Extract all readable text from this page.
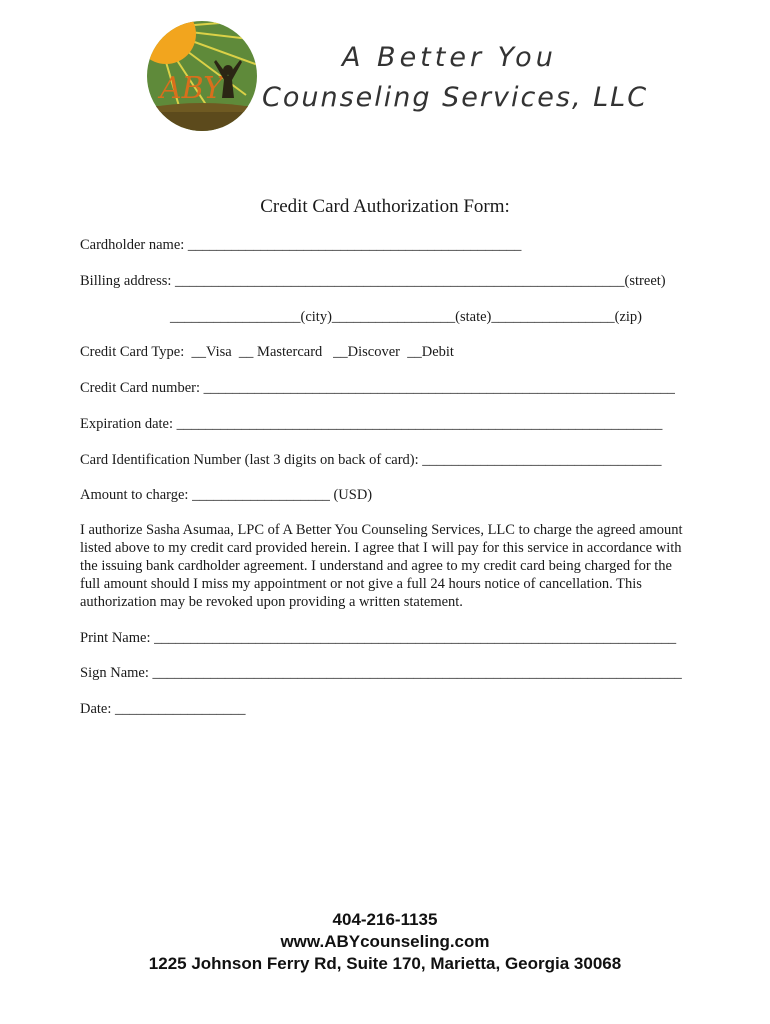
ABY
A Better You
Counseling Services, LLC
Credit Card Authorization Form:
Cardholder name: ______________________________________________
Billing address: ______________________________________________________________(street)
__________________(city)_________________(state)_________________(zip)
Credit Card Type:  __Visa  __ Mastercard   __Discover  __Debit
Credit Card number: _________________________________________________________________
Expiration date: ___________________________________________________________________
Card Identification Number (last 3 digits on back of card): _________________________________
Amount to charge: ___________________ (USD)
I authorize Sasha Asumaa, LPC of A Better You Counseling Services, LLC to charge the agreed amount listed above to my credit card provided herein. I agree that I will pay for this service in accordance with the issuing bank cardholder agreement. I understand and agree to my credit card being charged for the full amount should I miss my appointment or not give a full 24 hours notice of cancellation. This authorization may be revoked upon providing a written statement.
Print Name: ________________________________________________________________________
Sign Name: _________________________________________________________________________
Date: __________________
404-216-1135
www.ABYcounseling.com
1225 Johnson Ferry Rd, Suite 170, Marietta, Georgia 30068
